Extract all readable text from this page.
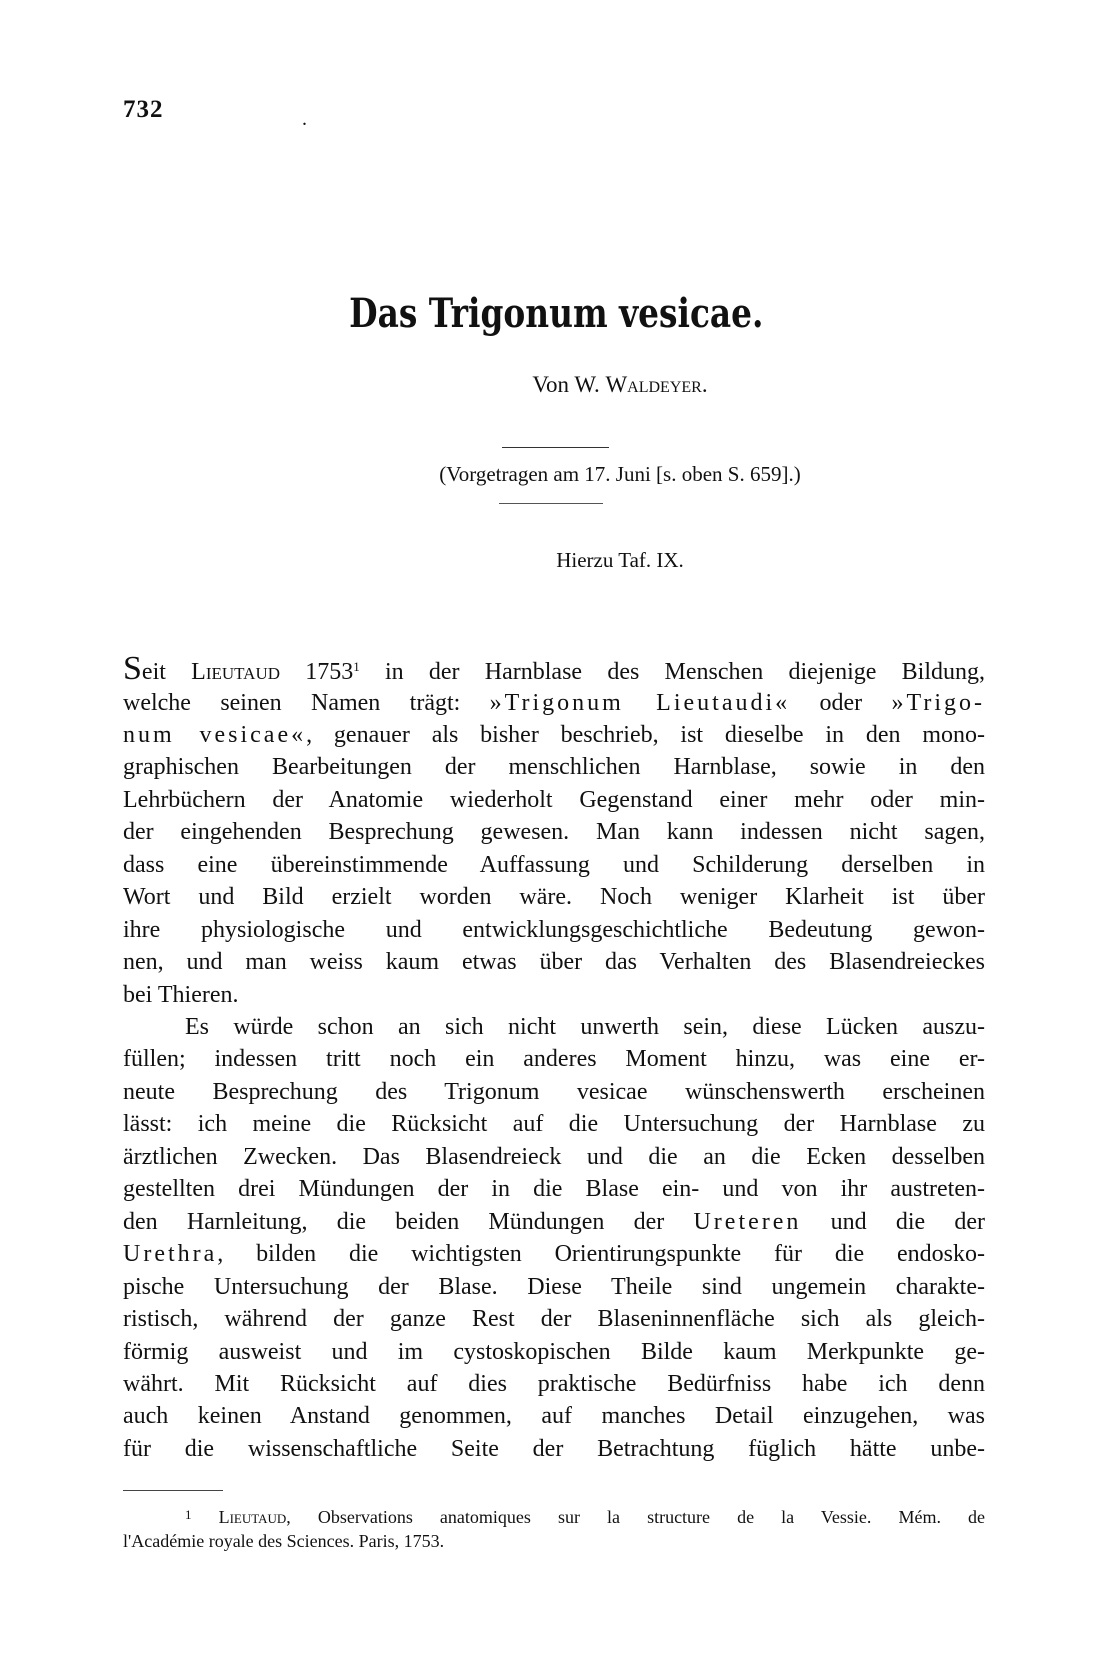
732	.
Das Trigonum vesicae.
Von W. Waldeyer.
(Vorgetragen am 17. Juni [s. oben S. 659].)
Hierzu Taf. IX.
Seit Lieutaud 1753$^1$ in der Harnblase des Menschen diejenige Bildung,
welche seinen Namen trägt: »Trigonum Lieutaudi« oder »Trigo-
num vesicae«, genauer als bisher beschrieb, ist dieselbe in den mono-
graphischen Bearbeitungen der menschlichen Harnblase, sowie in den
Lehrbüchern der Anatomie wiederholt Gegenstand einer mehr oder min-
der eingehenden Besprechung gewesen. Man kann indessen nicht sagen,
dass eine übereinstimmende Auffassung und Schilderung derselben in
Wort und Bild erzielt worden wäre. Noch weniger Klarheit ist über
ihre physiologische und entwicklungsgeschichtliche Bedeutung gewon-
nen, und man weiss kaum etwas über das Verhalten des Blasendreieckes
bei Thieren.
Es würde schon an sich nicht unwerth sein, diese Lücken auszu-
füllen; indessen tritt noch ein anderes Moment hinzu, was eine er-
neute Besprechung des Trigonum vesicae wünschenswerth erscheinen
lässt: ich meine die Rücksicht auf die Untersuchung der Harnblase zu
ärztlichen Zwecken. Das Blasendreieck und die an die Ecken desselben
gestellten drei Mündungen der in die Blase ein- und von ihr austreten-
den Harnleitung, die beiden Mündungen der Ureteren und die der
Urethra, bilden die wichtigsten Orientirungspunkte für die endosko-
pische Untersuchung der Blase. Diese Theile sind ungemein charakte-
ristisch, während der ganze Rest der Blaseninnenfläche sich als gleich-
förmig ausweist und im cystoskopischen Bilde kaum Merkpunkte ge-
währt. Mit Rücksicht auf dies praktische Bedürfniss habe ich denn
auch keinen Anstand genommen, auf manches Detail einzugehen, was
für die wissenschaftliche Seite der Betrachtung füglich hätte unbe-
$^1$ Lieutaud, Observations anatomiques sur la structure de la Vessie. Mém. de
l'Académie royale des Sciences. Paris, 1753.
